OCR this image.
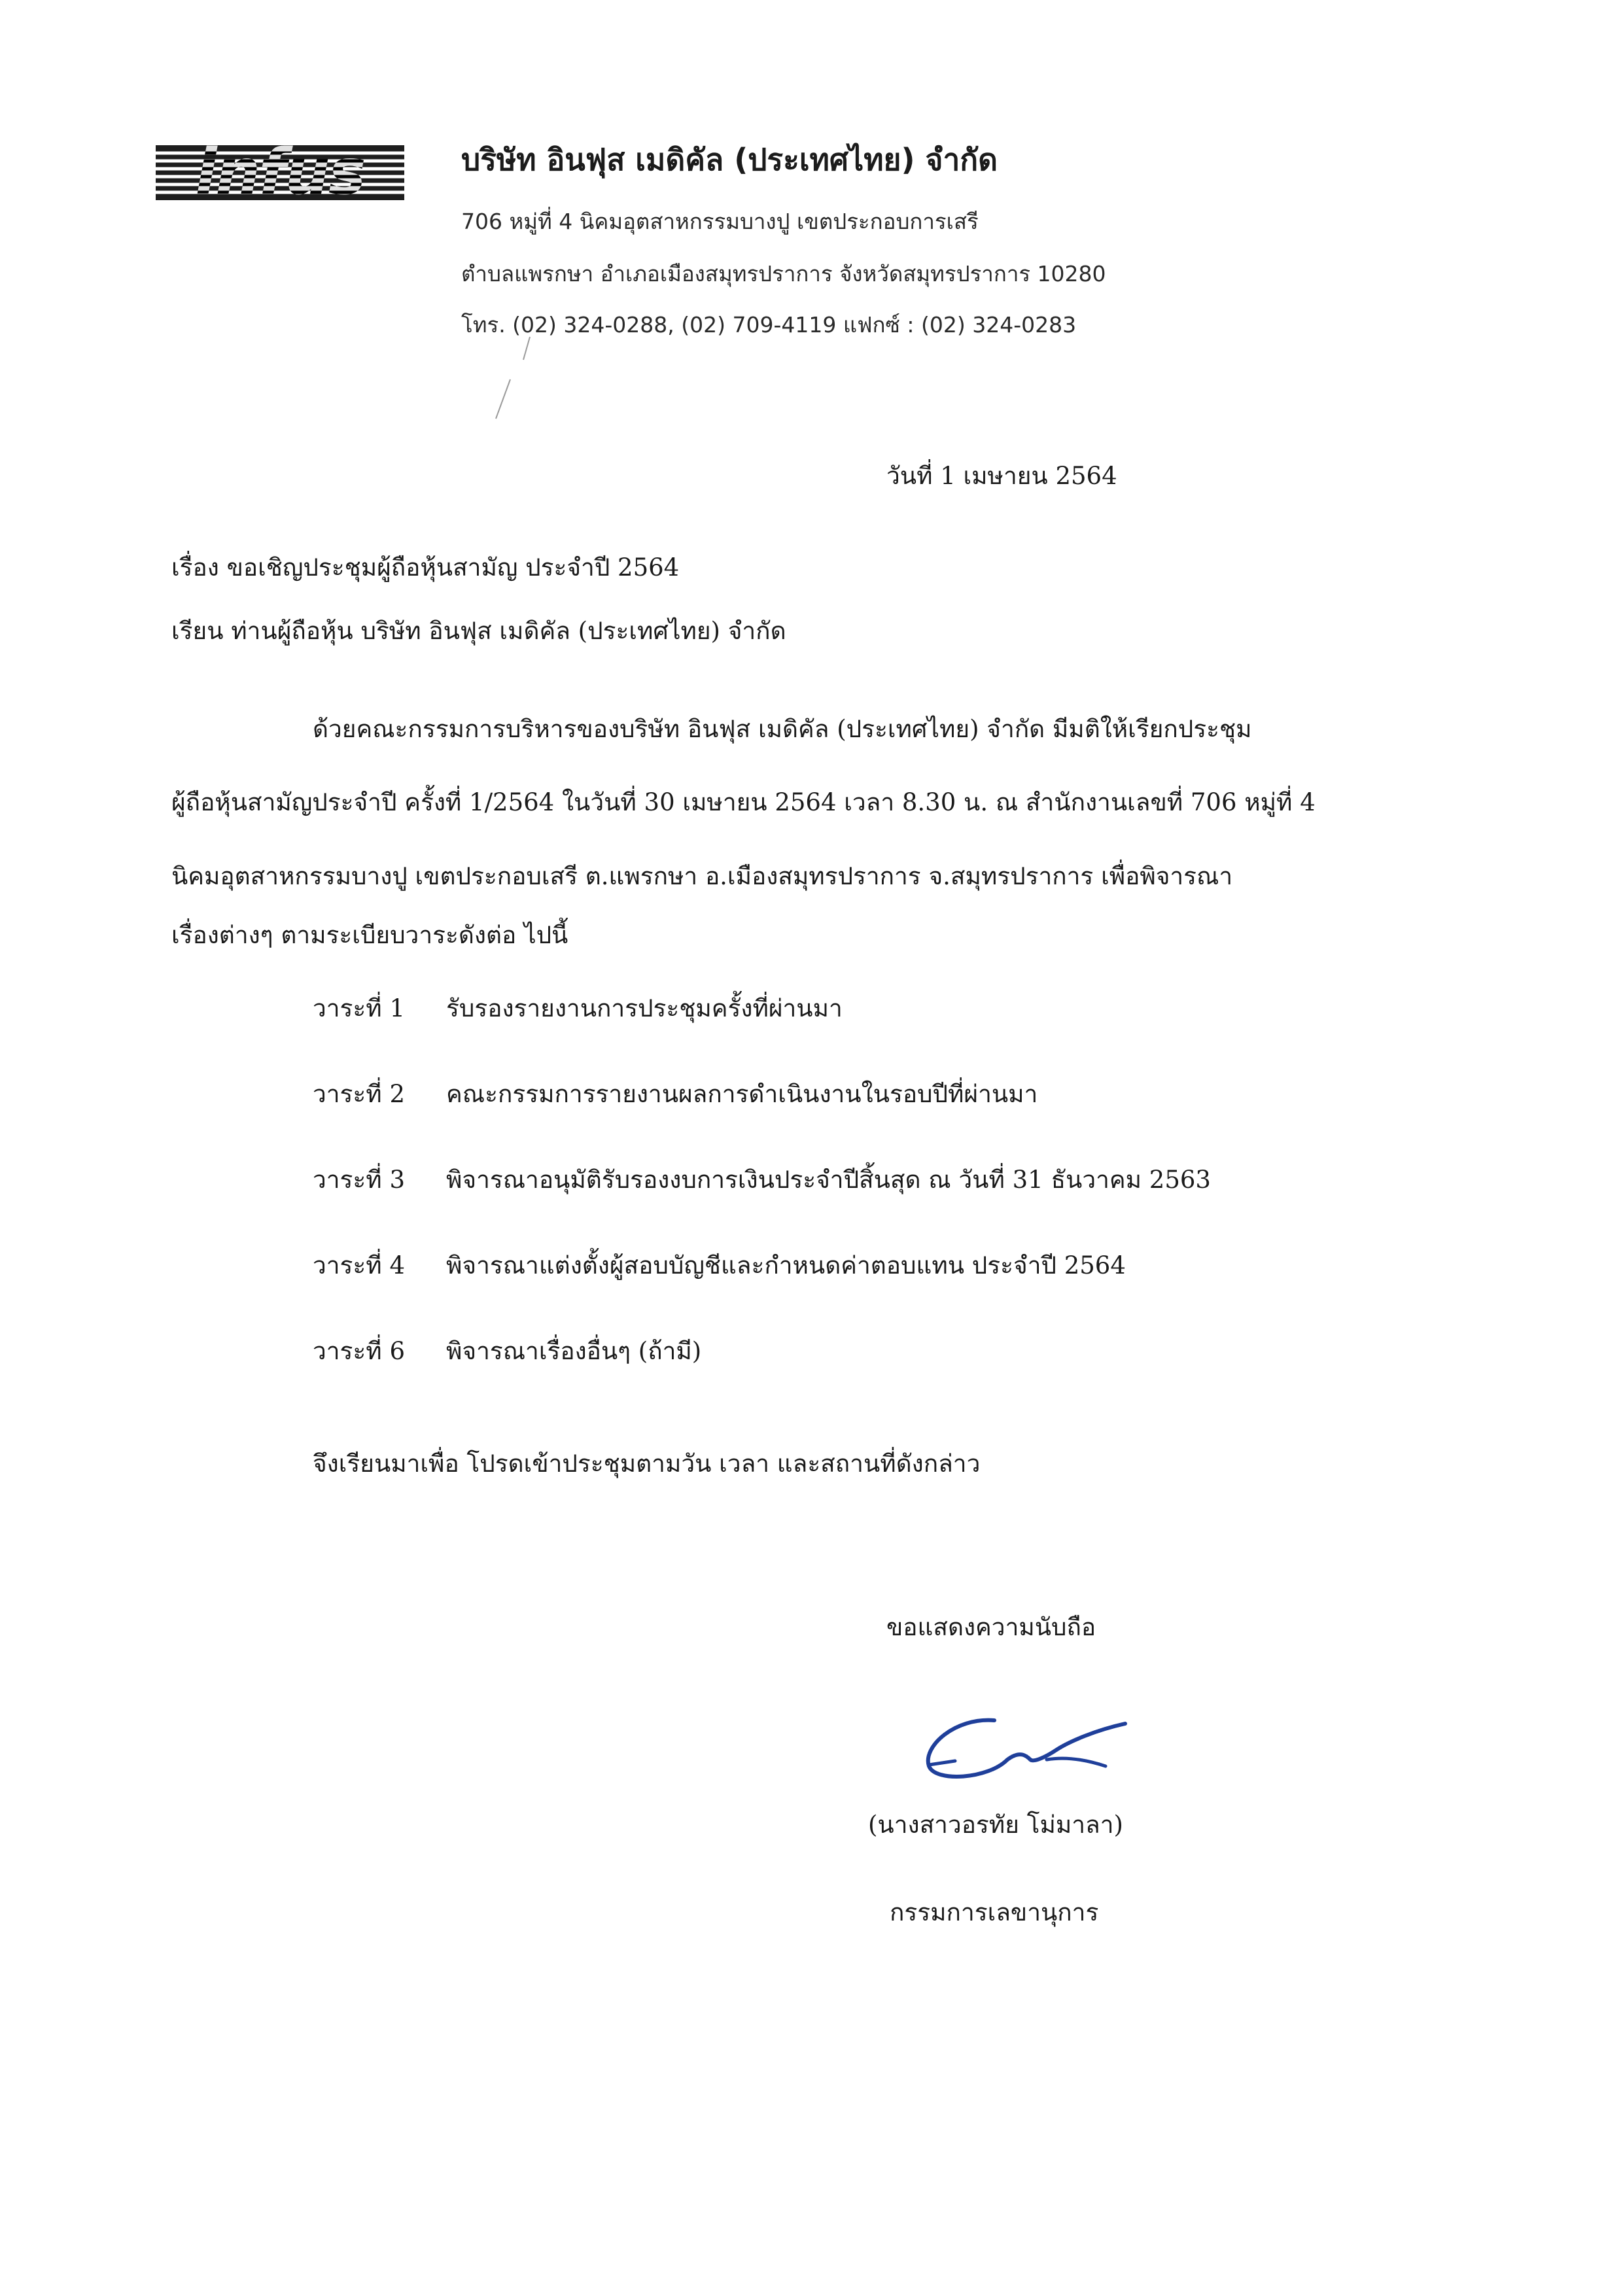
infus	บริษัท อินฟุส เมดิคัล (ประเทศไทย) จำกัด
706 หมู่ที่ 4 นิคมอุตสาหกรรมบางปู เขตประกอบการเสรี
ตำบลแพรกษา อำเภอเมืองสมุทรปราการ จังหวัดสมุทรปราการ 10280
โทร. (02) 324-0288, (02) 709-4119 แฟกซ์ : (02) 324-0283
วันที่ 1 เมษายน 2564
เรื่อง ขอเชิญประชุมผู้ถือหุ้นสามัญ ประจำปี 2564
เรียน ท่านผู้ถือหุ้น บริษัท อินฟุส เมดิคัล (ประเทศไทย) จำกัด
ด้วยคณะกรรมการบริหารของบริษัท อินฟุส เมดิคัล (ประเทศไทย) จำกัด มีมติให้เรียกประชุม
ผู้ถือหุ้นสามัญประจำปี ครั้งที่ 1/2564 ในวันที่ 30 เมษายน 2564 เวลา 8.30 น. ณ สำนักงานเลขที่ 706 หมู่ที่ 4
นิคมอุตสาหกรรมบางปู เขตประกอบเสรี ต.แพรกษา อ.เมืองสมุทรปราการ จ.สมุทรปราการ เพื่อพิจารณา
เรื่องต่างๆ ตามระเบียบวาระดังต่อ ไปนี้
วาระที่ 1 รับรองรายงานการประชุมครั้งที่ผ่านมา
วาระที่ 2 คณะกรรมการรายงานผลการดำเนินงานในรอบปีที่ผ่านมา
วาระที่ 3 พิจารณาอนุมัติรับรองงบการเงินประจำปีสิ้นสุด ณ วันที่ 31 ธันวาคม 2563
วาระที่ 4 พิจารณาแต่งตั้งผู้สอบบัญชีและกำหนดค่าตอบแทน ประจำปี 2564
วาระที่ 6 พิจารณาเรื่องอื่นๆ (ถ้ามี)
จึงเรียนมาเพื่อ โปรดเข้าประชุมตามวัน เวลา และสถานที่ดังกล่าว
ขอแสดงความนับถือ
(นางสาวอรทัย โม่มาลา)
กรรมการเลขานุการ
